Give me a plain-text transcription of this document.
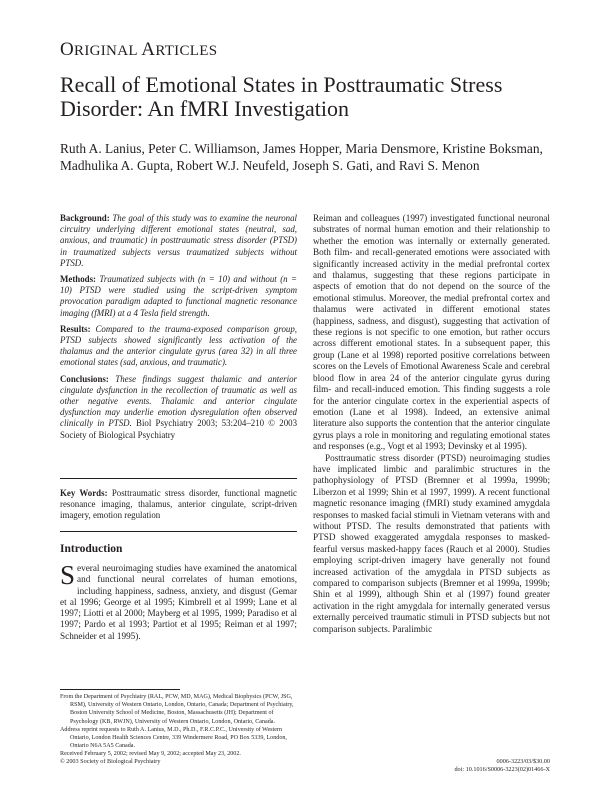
ORIGINAL ARTICLES
Recall of Emotional States in Posttraumatic Stress Disorder: An fMRI Investigation
Ruth A. Lanius, Peter C. Williamson, James Hopper, Maria Densmore, Kristine Boksman, Madhulika A. Gupta, Robert W.J. Neufeld, Joseph S. Gati, and Ravi S. Menon

Background: The goal of this study was to examine the neuronal circuitry underlying different emotional states (neutral, sad, anxious, and traumatic) in posttraumatic stress disorder (PTSD) in traumatized subjects versus traumatized subjects without PTSD.

Methods: Traumatized subjects with (n = 10) and without (n = 10) PTSD were studied using the script-driven symptom provocation paradigm adapted to functional magnetic resonance imaging (fMRI) at a 4 Tesla field strength.

Results: Compared to the trauma-exposed comparison group, PTSD subjects showed significantly less activation of the thalamus and the anterior cingulate gyrus (area 32) in all three emotional states (sad, anxious, and traumatic).

Conclusions: These findings suggest thalamic and anterior cingulate dysfunction in the recollection of traumatic as well as other negative events. Thalamic and anterior cingulate dysfunction may underlie emotion dysregulation often observed clinically in PTSD. Biol Psychiatry 2003; 53:204–210 © 2003 Society of Biological Psychiatry

Key Words: Posttraumatic stress disorder, functional magnetic resonance imaging, thalamus, anterior cingulate, script-driven imagery, emotion regulation
Introduction
Several neuroimaging studies have examined the anatomical and functional neural correlates of human emotions, including happiness, sadness, anxiety, and disgust (Gemar et al 1996; George et al 1995; Kimbrell et al 1999; Lane et al 1997; Liotti et al 2000; Mayberg et al 1995, 1999; Paradiso et al 1997; Pardo et al 1993; Partiot et al 1995; Reiman et al 1997; Schneider et al 1995).

From the Department of Psychiatry (RAL, PCW, MD, MAG), Medical Biophysics (PCW, JSG, RSM), University of Western Ontario, London, Ontario, Canada; Department of Psychiatry, Boston University School of Medicine, Boston, Massachusetts (JH); Department of Psychology (KB, RWJN), University of Western Ontario, London, Ontario, Canada.

Address reprint requests to Ruth A. Lanius, M.D., Ph.D., F.R.C.P.C., University of Western Ontario, London Health Sciences Centre, 339 Windermere Road, PO Box 5339, London, Ontario N6A 5A5 Canada.

Received February 5, 2002; revised May 9, 2002; accepted May 23, 2002.

Reiman and colleagues (1997) investigated functional neuronal substrates of normal human emotion and their relationship to whether the emotion was internally or externally generated. Both film- and recall-generated emotions were associated with significantly increased activity in the medial prefrontal cortex and thalamus, suggesting that these regions participate in aspects of emotion that do not depend on the source of the emotional stimulus. Moreover, the medial prefrontal cortex and thalamus were activated in different emotional states (happiness, sadness, and disgust), suggesting that activation of these regions is not specific to one emotion, but rather occurs across different emotional states. In a subsequent paper, this group (Lane et al 1998) reported positive correlations between scores on the Levels of Emotional Awareness Scale and cerebral blood flow in area 24 of the anterior cingulate gyrus during film- and recall-induced emotion. This finding suggests a role for the anterior cingulate cortex in the experiential aspects of emotion (Lane et al 1998). Indeed, an extensive animal literature also supports the contention that the anterior cingulate gyrus plays a role in monitoring and regulating emotional states and responses (e.g., Vogt et al 1993; Devinsky et al 1995).

Posttraumatic stress disorder (PTSD) neuroimaging studies have implicated limbic and paralimbic structures in the pathophysiology of PTSD (Bremner et al 1999a, 1999b; Liberzon et al 1999; Shin et al 1997, 1999). A recent functional magnetic resonance imaging (fMRI) study examined amygdala responses to masked facial stimuli in Vietnam veterans with and without PTSD. The results demonstrated that patients with PTSD showed exaggerated amygdala responses to masked-fearful versus masked-happy faces (Rauch et al 2000). Studies employing script-driven imagery have generally not found increased activation of the amygdala in PTSD subjects as compared to comparison subjects (Bremner et al 1999a, 1999b; Shin et al 1999), although Shin et al (1997) found greater activation in the right amygdala for internally generated versus externally perceived traumatic stimuli in PTSD subjects but not comparison subjects. Paralimbic

© 2003 Society of Biological Psychiatry	0006-3223/03/$30.00
doi: 10.1016/S0006-3223(02)01466-X
